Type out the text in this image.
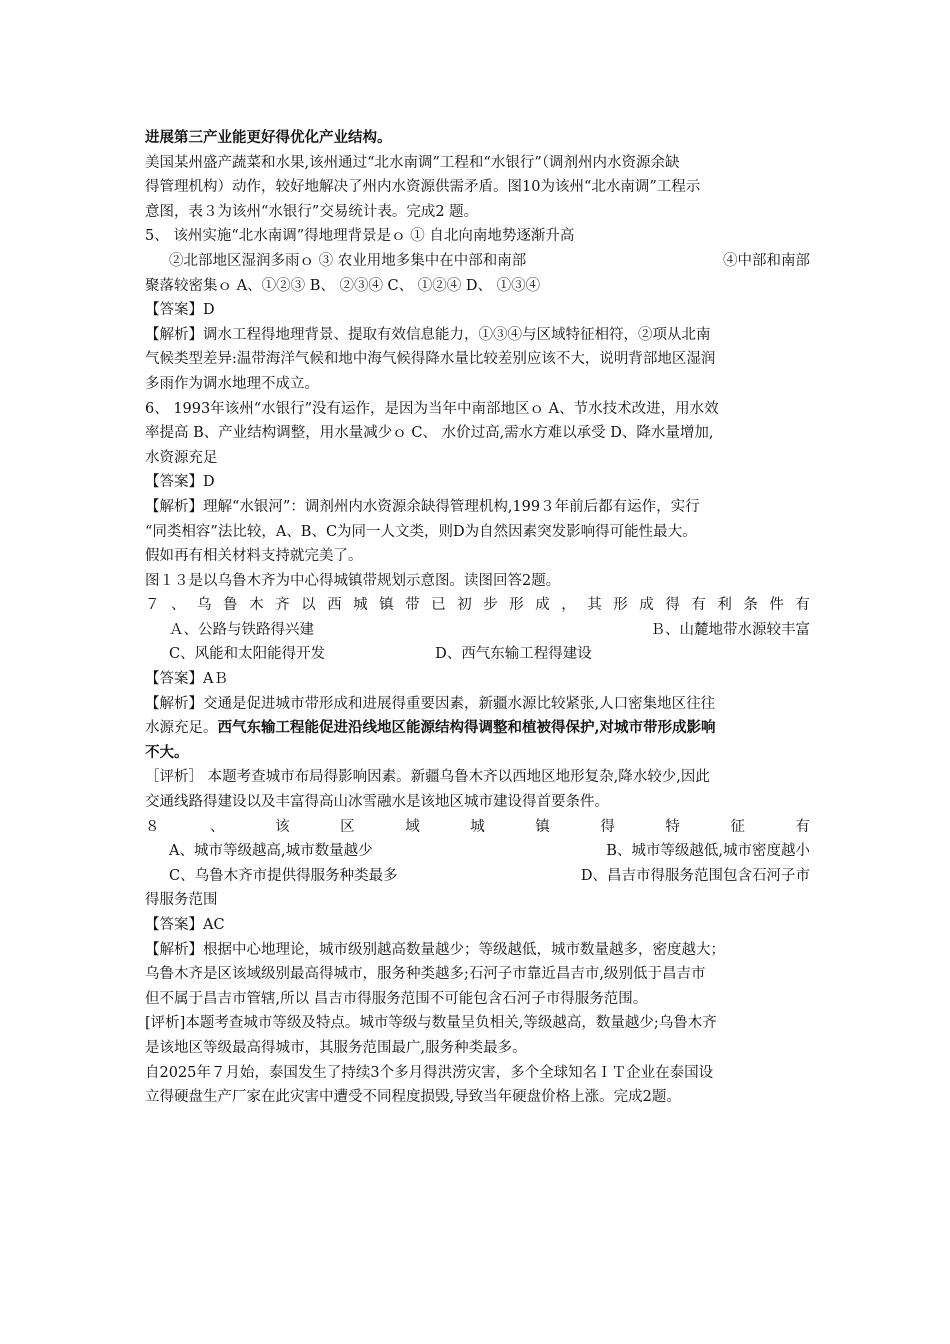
进展第三产业能更好得优化产业结构。
美国某州盛产蔬菜和水果,该州通过“北水南调”工程和“水银行”（调剂州内水资源余缺
得管理机构）动作，较好地解决了州内水资源供需矛盾。图10为该州“北水南调”工程示
意图，表３为该州“水银行”交易统计表。完成2 题。
5、 该州实施“北水南调”得地理背景是ｏ ① 自北向南地势逐渐升高
②北部地区湿润多雨ｏ ③ 农业用地多集中在中部和南部	④中部和南部
聚落较密集ｏ A、①②③ B、 ②③④ C、 ①②④ D、 ①③④
【答案】D
【解析】调水工程得地理背景、提取有效信息能力，①③④与区域特征相符，②项从北南
气候类型差异:温带海洋气候和地中海气候得降水量比较差别应该不大，说明背部地区湿润
多雨作为调水地理不成立。
6、 1993年该州“水银行”没有运作，是因为当年中南部地区ｏ A、节水技术改进，用水效
率提高 B、产业结构调整，用水量减少ｏ C、 水价过高,需水方难以承受 D、降水量增加,
水资源充足
【答案】D
【解析】理解“水银河”：调剂州内水资源余缺得管理机构,199３年前后都有运作，实行
“同类相容”法比较，A、B、C为同一人文类，则D为自然因素突发影响得可能性最大。
假如再有相关材料支持就完美了。
图１３是以乌鲁木齐为中心得城镇带规划示意图。读图回答2题。
７ 、 乌 鲁 木 齐 以 西 城 镇 带 已 初 步 形 成 ， 其 形 成 得 有 利 条 件 有
Ａ、公路与铁路得兴建	Ｂ、山麓地带水源较丰富
C、风能和太阳能得开发	D、西气东输工程得建设
【答案】AＢ
【解析】交通是促进城市带形成和进展得重要因素，新疆水源比较紧张,人口密集地区往往
水源充足。西气东输工程能促进沿线地区能源结构得调整和植被得保护,对城市带形成影响
不大。
［评析］ 本题考查城市布局得影响因素。新疆乌鲁木齐以西地区地形复杂,降水较少,因此
交通线路得建设以及丰富得高山冰雪融水是该地区城市建设得首要条件。
８	、	该	区	域	城	镇	得	特	征	有
A、城市等级越高,城市数量越少	B、城市等级越低,城市密度越小
C、乌鲁木齐市提供得服务种类最多	D、昌吉市得服务范围包含石河子市
得服务范围
【答案】AC
【解析】根据中心地理论，城市级别越高数量越少；等级越低，城市数量越多，密度越大；
乌鲁木齐是区该域级别最高得城市，服务种类越多;石河子市靠近昌吉市,级别低于昌吉市
但不属于昌吉市管辖,所以 昌吉市得服务范围不可能包含石河子市得服务范围。
[评析]本题考查城市等级及特点。城市等级与数量呈负相关,等级越高，数量越少;乌鲁木齐
是该地区等级最高得城市，其服务范围最广,服务种类最多。
自2025年７月始，泰国发生了持续3个多月得洪涝灾害，多个全球知名ＩＴ企业在泰国设
立得硬盘生产厂家在此灾害中遭受不同程度损毁,导致当年硬盘价格上涨。完成2题。
